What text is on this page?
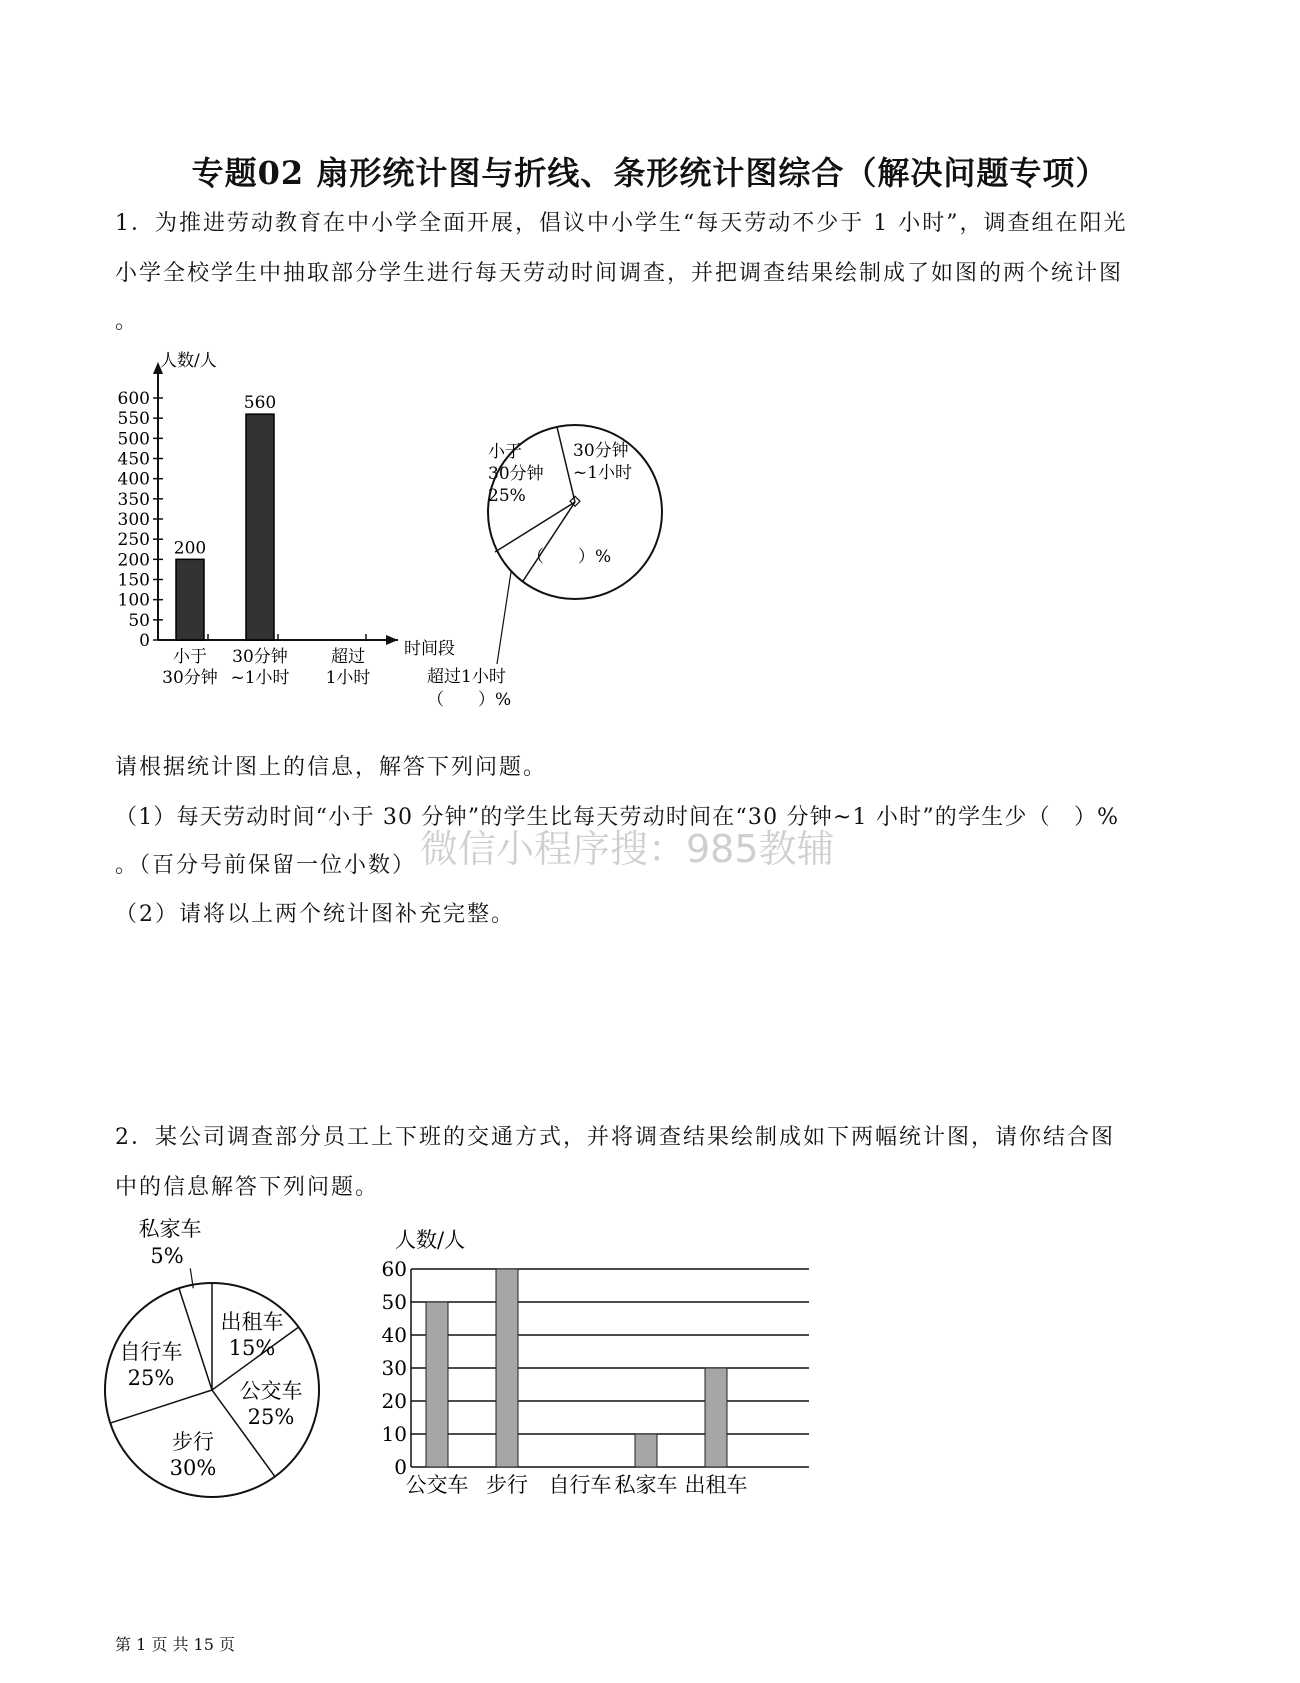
专题02 扇形统计图与折线、条形统计图综合（解决问题专项）
1．为推进劳动教育在中小学全面开展，倡议中小学生“每天劳动不少于 1 小时”，调查组在阳光
小学全校学生中抽取部分学生进行每天劳动时间调查，并把调查结果绘制成了如图的两个统计图
。
人数/人
时间段
0
50
100
150
200
250
300
350
400
450
500
550
600
小于
30分钟
200
30分钟
~1小时
560
超过
1小时
小于
30分钟
25%
30分钟
~1小时
（　　）%
超过1小时
（　　）%
请根据统计图上的信息，解答下列问题。
（1）每天劳动时间“小于 30 分钟”的学生比每天劳动时间在“30 分钟~1 小时”的学生少（　）%
微信小程序搜：985教辅
。（百分号前保留一位小数）
（2）请将以上两个统计图补充完整。
2．某公司调查部分员工上下班的交通方式，并将调查结果绘制成如下两幅统计图，请你结合图
中的信息解答下列问题。
私家车
5%
出租车
15%
公交车
25%
步行
30%
自行车
25%
人数/人
0
10
20
30
40
50
60
公交车 步行 自行车 私家车 出租车
第 1 页 共 15 页
